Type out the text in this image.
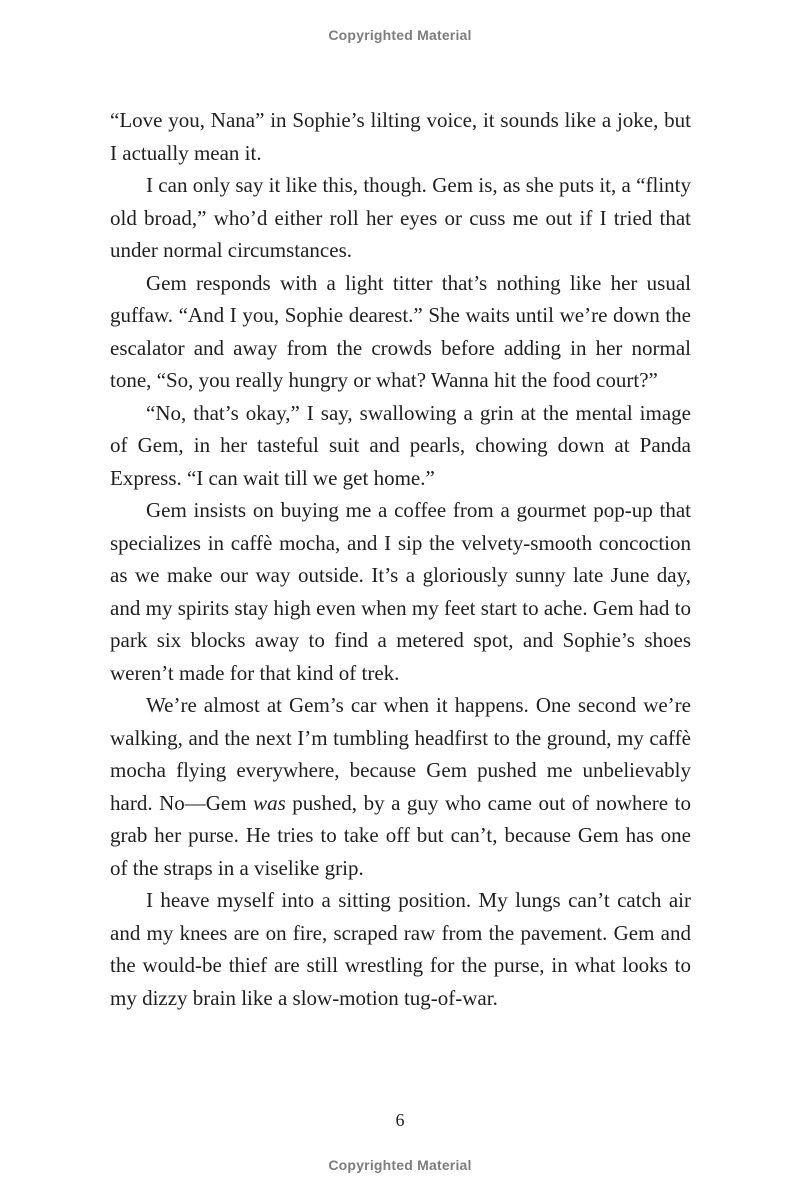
Copyrighted Material

“Love you, Nana” in Sophie’s lilting voice, it sounds like a joke, but I actually mean it.

I can only say it like this, though. Gem is, as she puts it, a “flinty old broad,” who’d either roll her eyes or cuss me out if I tried that under normal circumstances.

Gem responds with a light titter that’s nothing like her usual guffaw. “And I you, Sophie dearest.” She waits until we’re down the escalator and away from the crowds before adding in her normal tone, “So, you really hungry or what? Wanna hit the food court?”

“No, that’s okay,” I say, swallowing a grin at the mental image of Gem, in her tasteful suit and pearls, chowing down at Panda Express. “I can wait till we get home.”

Gem insists on buying me a coffee from a gourmet pop-up that specializes in caffè mocha, and I sip the velvety-smooth concoction as we make our way outside. It’s a gloriously sunny late June day, and my spirits stay high even when my feet start to ache. Gem had to park six blocks away to find a metered spot, and Sophie’s shoes weren’t made for that kind of trek.

We’re almost at Gem’s car when it happens. One second we’re walking, and the next I’m tumbling headfirst to the ground, my caffè mocha flying everywhere, because Gem pushed me unbelievably hard. No—Gem was pushed, by a guy who came out of nowhere to grab her purse. He tries to take off but can’t, because Gem has one of the straps in a viselike grip.

I heave myself into a sitting position. My lungs can’t catch air and my knees are on fire, scraped raw from the pavement. Gem and the would-be thief are still wrestling for the purse, in what looks to my dizzy brain like a slow-motion tug-of-war.

6
Copyrighted Material
